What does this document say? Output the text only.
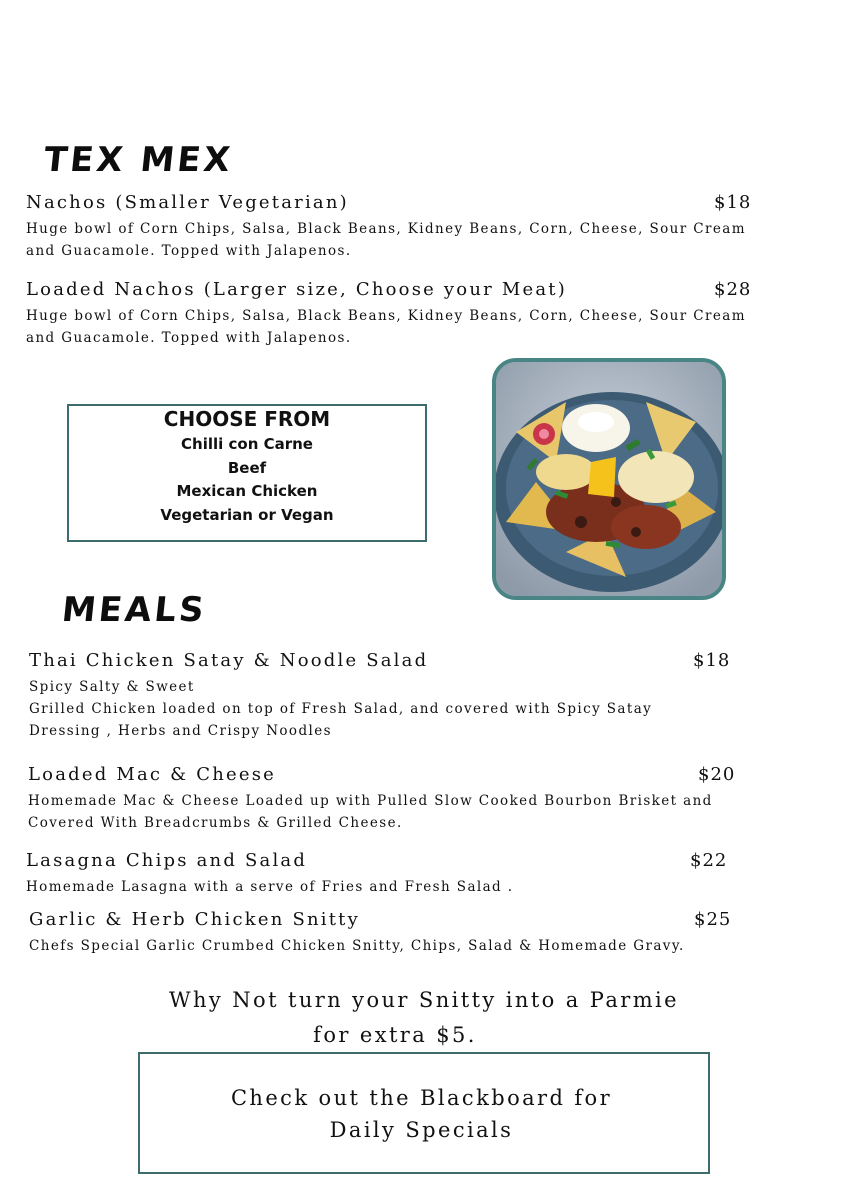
TEX MEX
Nachos (Smaller Vegetarian)	$18
Huge bowl of Corn Chips, Salsa, Black Beans, Kidney Beans, Corn, Cheese, Sour Cream
and Guacamole. Topped with Jalapenos.
Loaded Nachos (Larger size, Choose your Meat)	$28
Huge bowl of Corn Chips, Salsa, Black Beans, Kidney Beans, Corn, Cheese, Sour Cream
and Guacamole. Topped with Jalapenos.
CHOOSE FROM
Chilli con Carne
Beef
Mexican Chicken
Vegetarian or Vegan
MEALS
Thai Chicken Satay & Noodle Salad	$18
Spicy Salty & Sweet
Grilled Chicken loaded on top of Fresh Salad, and covered with Spicy Satay
Dressing , Herbs and Crispy Noodles
Loaded Mac & Cheese	$20
Homemade Mac & Cheese Loaded up with Pulled Slow Cooked Bourbon Brisket and
Covered With Breadcrumbs & Grilled Cheese.
Lasagna Chips and Salad	$22
Homemade Lasagna with a serve of Fries and Fresh Salad .
Garlic & Herb Chicken Snitty	$25
Chefs Special Garlic Crumbed Chicken Snitty, Chips, Salad & Homemade Gravy.
Why Not turn your Snitty into a Parmie
for extra $5.
Check out the Blackboard for
Daily Specials
